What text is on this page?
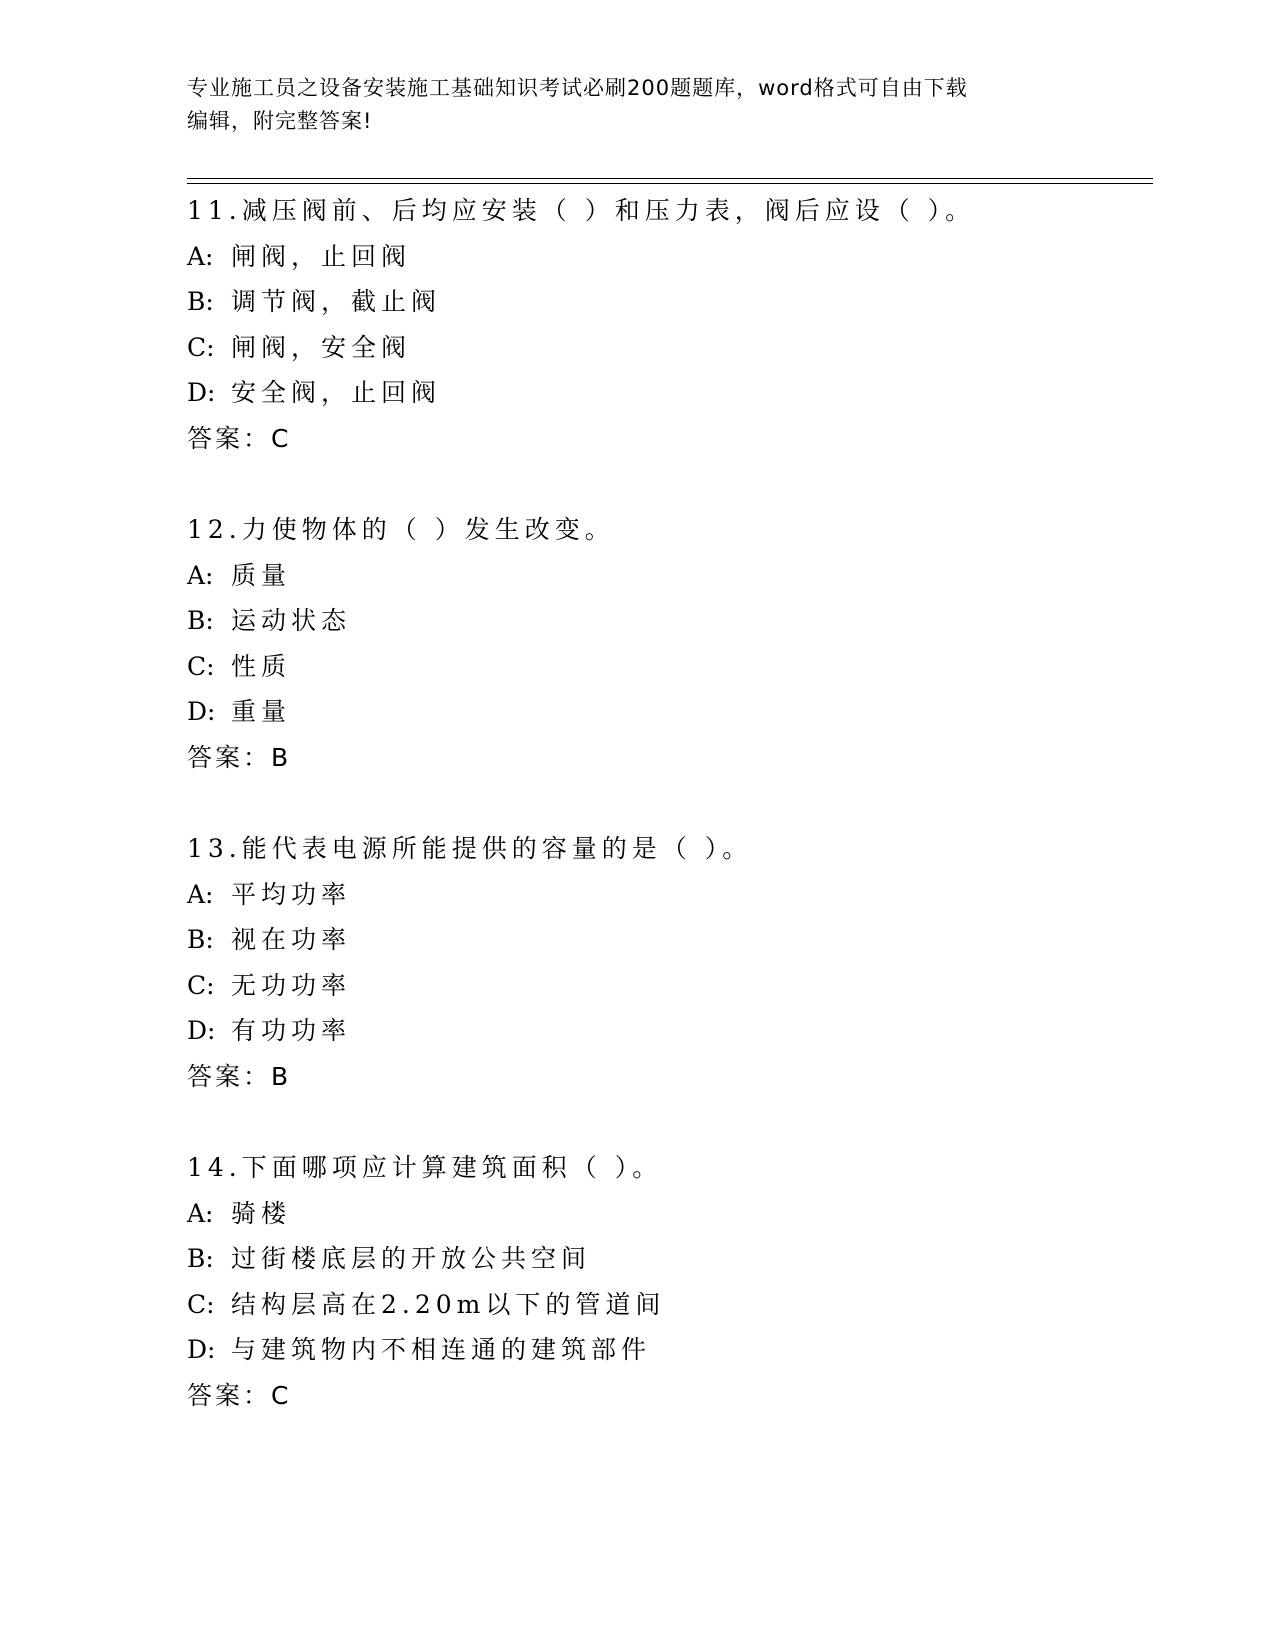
专业施工员之设备安装施工基础知识考试必刷200题题库，word格式可自由下载
编辑，附完整答案!
11.减压阀前、后均应安装（ ）和压力表，阀后应设（ ）。
A: 闸阀，止回阀
B: 调节阀，截止阀
C: 闸阀，安全阀
D: 安全阀，止回阀
答案：C
12.力使物体的（ ）发生改变。
A: 质量
B: 运动状态
C: 性质
D: 重量
答案：B
13.能代表电源所能提供的容量的是（ ）。
A: 平均功率
B: 视在功率
C: 无功功率
D: 有功功率
答案：B
14.下面哪项应计算建筑面积（ ）。
A: 骑楼
B: 过街楼底层的开放公共空间
C: 结构层高在2.20m以下的管道间
D: 与建筑物内不相连通的建筑部件
答案：C
